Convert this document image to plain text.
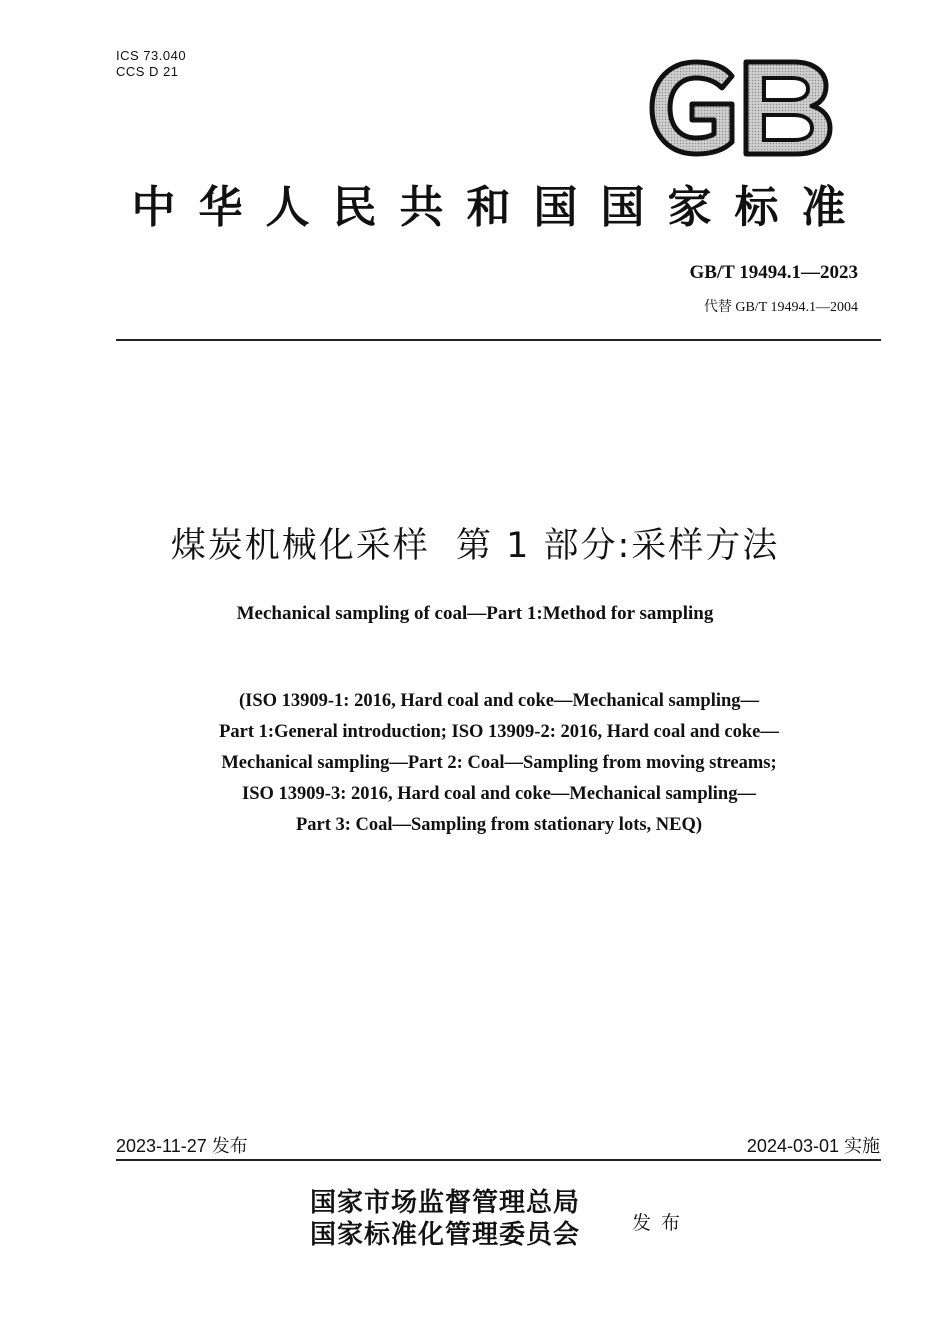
ICS 73.040
CCS D 21
中华人民共和国国家标准
GB/T 19494.1—2023
代替 GB/T 19494.1—2004
煤炭机械化采样  第 1 部分:采样方法
Mechanical sampling of coal—Part 1:Method for sampling
(ISO 13909-1: 2016, Hard coal and coke—Mechanical sampling—
Part 1:General introduction; ISO 13909-2: 2016, Hard coal and coke—
Mechanical sampling—Part 2: Coal—Sampling from moving streams;
ISO 13909-3: 2016, Hard coal and coke—Mechanical sampling—
Part 3: Coal—Sampling from stationary lots, NEQ)
2023-11-27 发布	2024-03-01 实施
国家市场监督管理总局
国家标准化管理委员会	发布
